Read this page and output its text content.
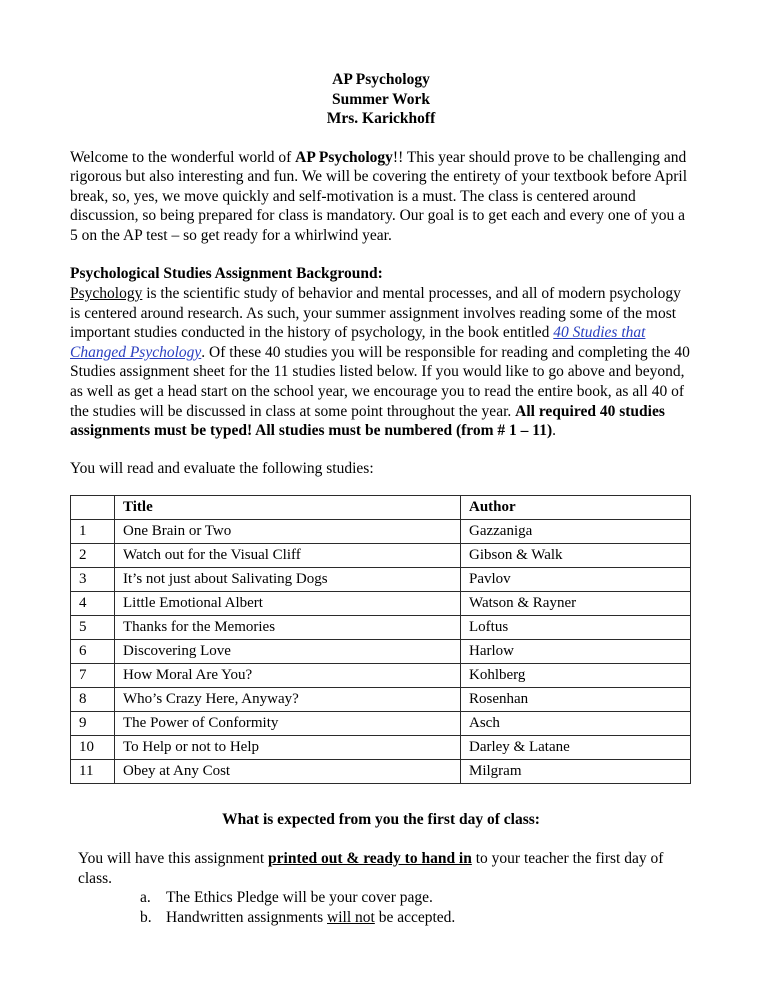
AP Psychology
Summer Work
Mrs. Karickhoff

Welcome to the wonderful world of AP Psychology!! This year should prove to be challenging and rigorous but also interesting and fun. We will be covering the entirety of your textbook before April break, so, yes, we move quickly and self-motivation is a must. The class is centered around discussion, so being prepared for class is mandatory. Our goal is to get each and every one of you a 5 on the AP test – so get ready for a whirlwind year.

Psychological Studies Assignment Background:

Psychology is the scientific study of behavior and mental processes, and all of modern psychology is centered around research. As such, your summer assignment involves reading some of the most important studies conducted in the history of psychology, in the book entitled 40 Studies that Changed Psychology. Of these 40 studies you will be responsible for reading and completing the 40 Studies assignment sheet for the 11 studies listed below. If you would like to go above and beyond, as well as get a head start on the school year, we encourage you to read the entire book, as all 40 of the studies will be discussed in class at some point throughout the year. All required 40 studies assignments must be typed! All studies must be numbered (from # 1 – 11).

You will read and evaluate the following studies:

	Title	Author
1	One Brain or Two	Gazzaniga
2	Watch out for the Visual Cliff	Gibson & Walk
3	It’s not just about Salivating Dogs	Pavlov
4	Little Emotional Albert	Watson & Rayner
5	Thanks for the Memories	Loftus
6	Discovering Love	Harlow
7	How Moral Are You?	Kohlberg
8	Who’s Crazy Here, Anyway?	Rosenhan
9	The Power of Conformity	Asch
10	To Help or not to Help	Darley & Latane
11	Obey at Any Cost	Milgram
What is expected from you the first day of class:

You will have this assignment printed out & ready to hand in to your teacher the first day of class.

a. The Ethics Pledge will be your cover page.
b. Handwritten assignments will not be accepted.
